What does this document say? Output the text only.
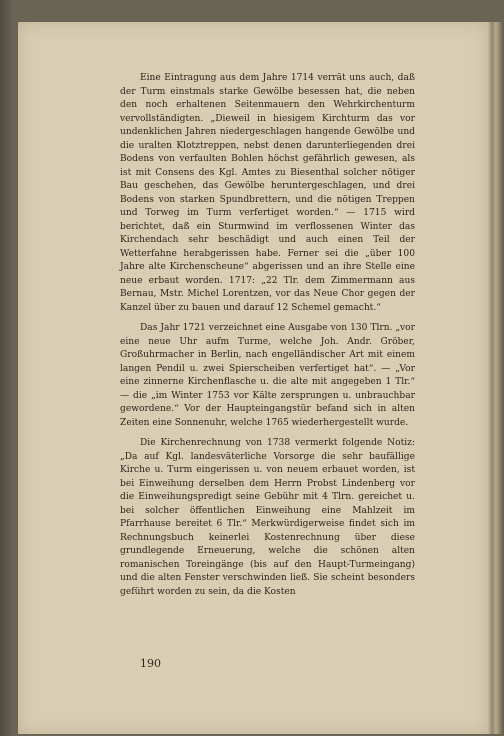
Eine Eintragung aus dem Jahre 1714 verrät uns auch, daß der Turm einstmals starke Gewölbe besessen hat, die neben den noch erhaltenen Seitenmauern den Wehrkirchenturm vervollständigten. „Dieweil in hiesigem Kirchturm das vor undenklichen Jahren niedergeschlagen hangende Gewölbe und die uralten Klotztreppen, nebst denen darunterliegenden drei Bodens von verfaulten Bohlen höchst gefährlich gewesen, als ist mit Consens des Kgl. Amtes zu Biesenthal solcher nötiger Bau geschehen, das Gewölbe heruntergeschlagen, und drei Bodens von starken Spundbrettern, und die nötigen Treppen und Torweg im Turm verfertiget worden.“ — 1715 wird berichtet, daß ein Sturmwind im verflossenen Winter das Kirchendach sehr beschädigt und auch einen Teil der Wetterfahne herabgerissen habe. Ferner sei die „über 100 Jahre alte Kirchenscheune“ abgerissen und an ihre Stelle eine neue erbaut worden. 1717: „22 Tlr. dem Zimmermann aus Bernau, Mstr. Michel Lorentzen, vor das Neue Chor gegen der Kanzel über zu bauen und darauf 12 Schemel gemacht.“

Das Jahr 1721 verzeichnet eine Ausgabe von 130 Tlrn. „vor eine neue Uhr aufm Turme, welche Joh. Andr. Gröber, Großuhrmacher in Berlin, nach engelländischer Art mit einem langen Pendil u. zwei Spierscheiben verfertiget hat“. — „Vor eine zinnerne Kirchenflasche u. die alte mit angegeben 1 Tlr.“ — die „im Winter 1753 vor Kälte zersprungen u. unbrauchbar gewordene.“ Vor der Haupteingangstür befand sich in alten Zeiten eine Sonnenuhr, welche 1765 wiederhergestellt wurde.

Die Kirchenrechnung von 1738 vermerkt folgende Notiz: „Da auf Kgl. landesväterliche Vorsorge die sehr baufällige Kirche u. Turm eingerissen u. von neuem erbauet worden, ist bei Einweihung derselben dem Herrn Probst Lindenberg vor die Einweihungspredigt seine Gebühr mit 4 Tlrn. gereichet u. bei solcher öffentlichen Einweihung eine Mahlzeit im Pfarrhause bereitet 6 Tlr.“ Merkwürdigerweise findet sich im Rechnungsbuch keinerlei Kostenrechnung über diese grundlegende Erneuerung, welche die schönen alten romanischen Toreingänge (bis auf den Haupt-Turmeingang) und die alten Fenster verschwinden ließ. Sie scheint besonders geführt worden zu sein, da die Kosten

190
